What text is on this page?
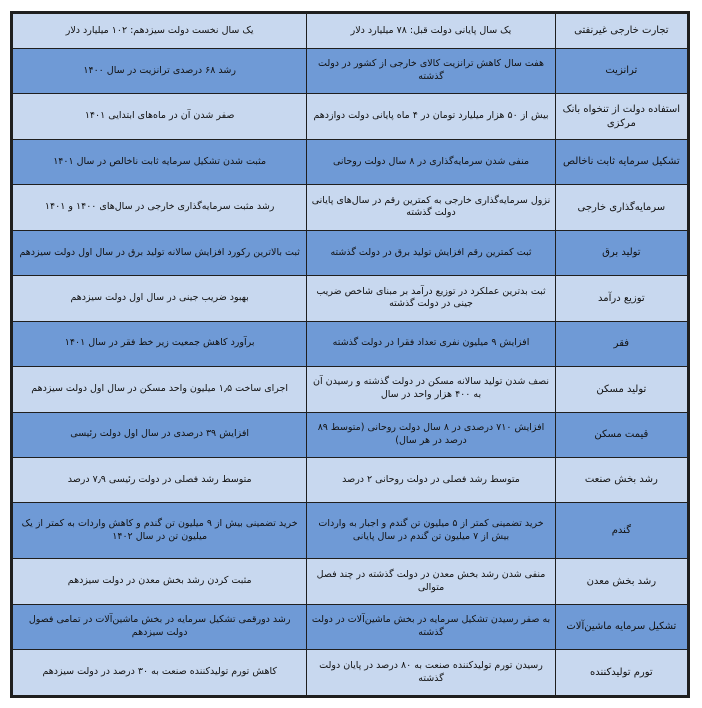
تجارت خارجی غیرنفتی	یک سال پایانی دولت قبل: ۷۸ میلیارد دلار	یک سال نخست دولت سیزدهم: ۱۰۲ میلیارد دلار
ترانزیت	هفت سال کاهش ترانزیت کالای خارجی از کشور در دولت گذشته	رشد ۶۸ درصدی ترانزیت در سال ۱۴۰۰
استفاده دولت از تنخواه بانک مرکزی	بیش از ۵۰ هزار میلیارد تومان در ۴ ماه پایانی دولت دوازدهم	صفر شدن آن در ماه‌های ابتدایی ۱۴۰۱
تشکیل سرمایه ثابت ناخالص	منفی شدن سرمایه‌گذاری در ۸ سال دولت روحانی	مثبت شدن تشکیل سرمایه ثابت ناخالص در سال ۱۴۰۱
سرمایه‌گذاری خارجی	نزول سرمایه‌گذاری خارجی به کمترین رقم در سال‌های پایانی دولت گذشته	رشد مثبت سرمایه‌گذاری خارجی در سال‌های ۱۴۰۰ و ۱۴۰۱
تولید برق	ثبت کمترین رقم افزایش تولید برق در دولت گذشته	ثبت بالاترین رکورد افزایش سالانه تولید برق در سال اول دولت سیزدهم
توزیع درآمد	ثبت بدترین عملکرد در توزیع درآمد بر مبنای شاخص ضریب جینی در دولت گذشته	بهبود ضریب جینی در سال اول دولت سیزدهم
فقر	افزایش ۹ میلیون نفری تعداد فقرا در دولت گذشته	برآورد کاهش جمعیت زیر خط فقر در سال ۱۴۰۱
تولید مسکن	نصف شدن تولید سالانه مسکن در دولت گذشته و رسیدن آن به ۴۰۰ هزار واحد در سال	اجرای ساخت ۱٫۵ میلیون واحد مسکن در سال اول دولت سیزدهم
قیمت مسکن	افزایش ۷۱۰ درصدی در ۸ سال دولت روحانی (متوسط ۸۹ درصد در هر سال)	افزایش ۳۹ درصدی در سال اول دولت رئیسی
رشد بخش صنعت	متوسط رشد فصلی در دولت روحانی ۲ درصد	متوسط رشد فصلی در دولت رئیسی ۷٫۹ درصد
گندم	خرید تضمینی کمتر از ۵ میلیون تن گندم و اجبار به واردات بیش از ۷ میلیون تن گندم در سال پایانی	خرید تضمینی بیش از ۹ میلیون تن گندم و کاهش واردات به کمتر از یک میلیون تن در سال ۱۴۰۲
رشد بخش معدن	منفی شدن رشد بخش معدن در دولت گذشته در چند فصل متوالی	مثبت کردن رشد بخش معدن در دولت سیزدهم
تشکیل سرمایه ماشین‌آلات	به صفر رسیدن تشکیل سرمایه در بخش ماشین‌آلات در دولت گذشته	رشد دورقمی تشکیل سرمایه در بخش ماشین‌آلات در تمامی فصول دولت سیزدهم
تورم تولیدکننده	رسیدن تورم تولیدکننده صنعت به ۸۰ درصد در پایان دولت گذشته	کاهش تورم تولیدکننده صنعت به ۳۰ درصد در دولت سیزدهم
